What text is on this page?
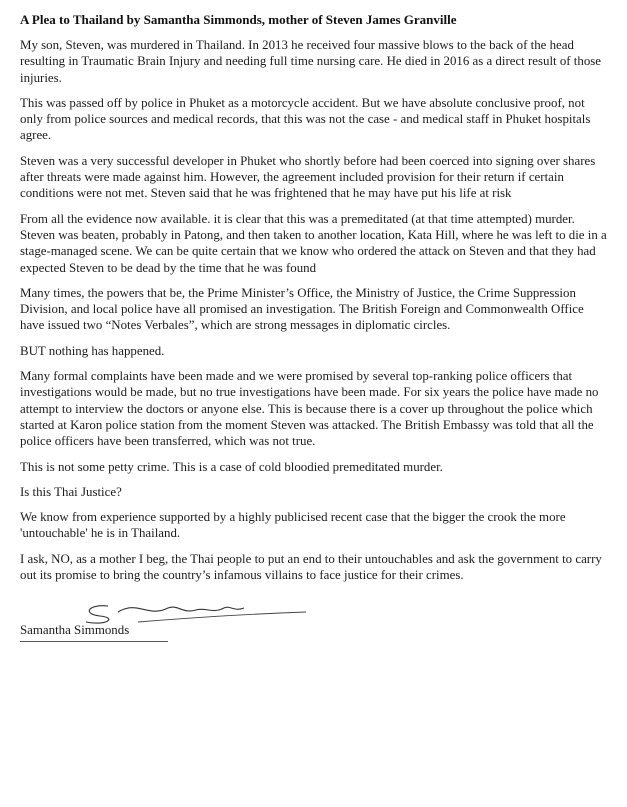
A Plea to Thailand by Samantha Simmonds, mother of Steven James Granville

My son, Steven, was murdered in Thailand. In 2013 he received four massive blows to the back of the head resulting in Traumatic Brain Injury and needing full time nursing care. He died in 2016 as a direct result of those injuries.

This was passed off by police in Phuket as a motorcycle accident. But we have absolute conclusive proof, not only from police sources and medical records, that this was not the case - and medical staff in Phuket hospitals agree.

Steven was a very successful developer in Phuket who shortly before had been coerced into signing over shares after threats were made against him. However, the agreement included provision for their return if certain conditions were not met. Steven said that he was frightened that he may have put his life at risk

From all the evidence now available. it is clear that this was a premeditated (at that time attempted) murder. Steven was beaten, probably in Patong, and then taken to another location, Kata Hill, where he was left to die in a stage-managed scene. We can be quite certain that we know who ordered the attack on Steven and that they had expected Steven to be dead by the time that he was found

Many times, the powers that be, the Prime Minister’s Office, the Ministry of Justice, the Crime Suppression Division, and local police have all promised an investigation. The British Foreign and Commonwealth Office have issued two “Notes Verbales”, which are strong messages in diplomatic circles.

BUT nothing has happened.

Many formal complaints have been made and we were promised by several top-ranking police officers that investigations would be made, but no true investigations have been made. For six years the police have made no attempt to interview the doctors or anyone else. This is because there is a cover up throughout the police which started at Karon police station from the moment Steven was attacked. The British Embassy was told that all the police officers have been transferred, which was not true.

This is not some petty crime. This is a case of cold bloodied premeditated murder.

Is this Thai Justice?

We know from experience supported by a highly publicised recent case that the bigger the crook the more 'untouchable' he is in Thailand.

I ask, NO, as a mother I beg, the Thai people to put an end to their untouchables and ask the government to carry out its promise to bring the country’s infamous villains to face justice for their crimes.

Samantha Simmonds
